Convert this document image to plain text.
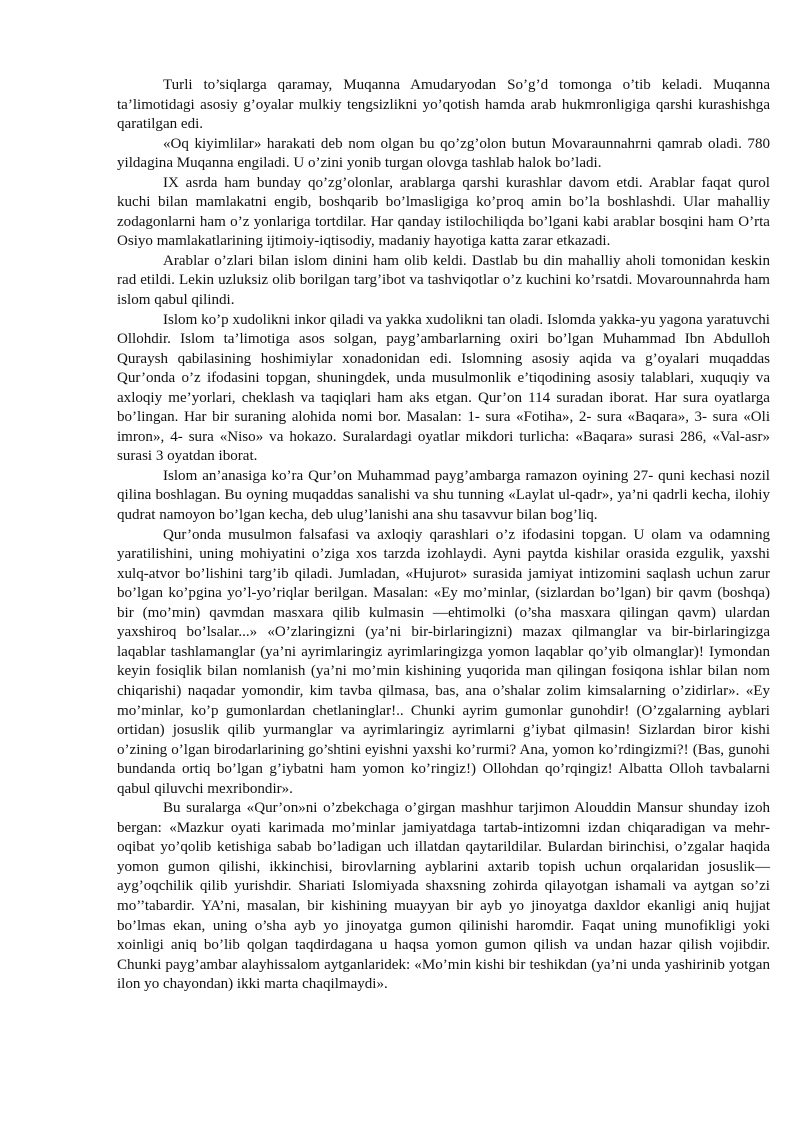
Turli to’siqlarga qaramay, Muqanna Amudaryodan So’g’d tomonga o’tib keladi. Muqanna ta’limotidagi asosiy g’oyalar mulkiy tengsizlikni yo’qotish hamda arab hukmronligiga qarshi kurashishga qaratilgan edi.

«Oq kiyimlilar» harakati deb nom olgan bu qo’zg’olon butun Movaraunnahrni qamrab oladi. 780 yildagina Muqanna engiladi. U o’zini yonib turgan olovga tashlab halok bo’ladi.

IX asrda ham bunday qo’zg’olonlar, arablarga qarshi kurashlar davom etdi. Arablar faqat qurol kuchi bilan mamlakatni engib, boshqarib bo’lmasligiga ko’proq amin bo’la boshlashdi. Ular mahalliy zodagonlarni ham o’z yonlariga tortdilar. Har qanday istilochiliqda bo’lgani kabi arablar bosqini ham O’rta Osiyo mamlakatlarining ijtimoiy-iqtisodiy, madaniy hayotiga katta zarar etkazadi.

Arablar o’zlari bilan islom dinini ham olib keldi. Dastlab bu din mahalliy aholi tomonidan keskin rad etildi. Lekin uzluksiz olib borilgan targ’ibot va tashviqotlar o’z kuchini ko’rsatdi. Movarounnahrda ham islom qabul qilindi.

Islom ko’p xudolikni inkor qiladi va yakka xudolikni tan oladi. Islomda yakka-yu yagona yaratuvchi Ollohdir. Islom ta’limotiga asos solgan, payg’ambarlarning oxiri bo’lgan Muhammad Ibn Abdulloh Quraysh qabilasining hoshimiylar xonadonidan edi. Islomning asosiy aqida va g’oyalari muqaddas Qur’onda o’z ifodasini topgan, shuningdek, unda musulmonlik e’tiqodining asosiy talablari, xuquqiy va axloqiy me’yorlari, cheklash va taqiqlari ham aks etgan. Qur’on 114 suradan iborat. Har sura oyatlarga bo’lingan. Har bir suraning alohida nomi bor. Masalan: 1- sura «Fotiha», 2- sura «Baqara», 3- sura «Oli imron», 4- sura «Niso» va hokazo. Suralardagi oyatlar mikdori turlicha: «Baqara» surasi 286, «Val-asr» surasi 3 oyatdan iborat.

Islom an’anasiga ko’ra Qur’on Muhammad payg’ambarga ramazon oyining 27- quni kechasi nozil qilina boshlagan. Bu oyning muqaddas sanalishi va shu tunning «Laylat ul-qadr», ya’ni qadrli kecha, ilohiy qudrat namoyon bo’lgan kecha, deb ulug’lanishi ana shu tasavvur bilan bog’liq.

Qur’onda musulmon falsafasi va axloqiy qarashlari o’z ifodasini topgan. U olam va odamning yaratilishini, uning mohiyatini o’ziga xos tarzda izohlaydi. Ayni paytda kishilar orasida ezgulik, yaxshi xulq-atvor bo’lishini targ’ib qiladi. Jumladan, «Hujurot» surasida jamiyat intizomini saqlash uchun zarur bo’lgan ko’pgina yo’l-yo’riqlar berilgan. Masalan: «Ey mo’minlar, (sizlardan bo’lgan) bir qavm (boshqa) bir (mo’min) qavmdan masxara qilib kulmasin —ehtimolki (o’sha masxara qilingan qavm) ulardan yaxshiroq bo’lsalar...» «O’zlaringizni (ya’ni bir-birlaringizni) mazax qilmanglar va bir-birlaringizga laqablar tashlamanglar (ya’ni ayrimlaringiz ayrimlaringizga yomon laqablar qo’yib olmanglar)! Iymondan keyin fosiqlik bilan nomlanish (ya’ni mo’min kishining yuqorida man qilingan fosiqona ishlar bilan nom chiqarishi) naqadar yomondir, kim tavba qilmasa, bas, ana o’shalar zolim kimsalarning o’zidirlar». «Ey mo’minlar, ko’p gumonlardan chetlaninglar!.. Chunki ayrim gumonlar gunohdir! (O’zgalarning ayblari ortidan) josuslik qilib yurmanglar va ayrimlaringiz ayrimlarni g’iybat qilmasin! Sizlardan biror kishi o’zining o’lgan birodarlarining go’shtini eyishni yaxshi ko’rurmi? Ana, yomon ko’rdingizmi?! (Bas, gunohi bundanda ortiq bo’lgan g’iybatni ham yomon ko’ringiz!) Ollohdan qo’rqingiz! Albatta Olloh tavbalarni qabul qiluvchi mexribondir».

Bu suralarga «Qur’on»ni o’zbekchaga o’girgan mashhur tarjimon Alouddin Mansur shunday izoh bergan: «Mazkur oyati karimada mo’minlar jamiyatdaga tartab-intizomni izdan chiqaradigan va mehr-oqibat yo’qolib ketishiga sabab bo’ladigan uch illatdan qaytarildilar. Bulardan birinchisi, o’zgalar haqida yomon gumon qilishi, ikkinchisi, birovlarning ayblarini axtarib topish uchun orqalaridan josuslik— ayg’oqchilik qilib yurishdir. Shariati Islomiyada shaxsning zohirda qilayotgan ishamali va aytgan so’zi mo’’tabardir. YA’ni, masalan, bir kishining muayyan bir ayb yo jinoyatga daxldor ekanligi aniq hujjat bo’lmas ekan, uning o’sha ayb yo jinoyatga gumon qilinishi haromdir. Faqat uning munofikligi yoki xoinligi aniq bo’lib qolgan taqdirdagana u haqsa yomon gumon qilish va undan hazar qilish vojibdir. Chunki payg’ambar alayhissalom aytganlaridek: «Mo’min kishi bir teshikdan (ya’ni unda yashirinib yotgan ilon yo chayondan) ikki marta chaqilmaydi».
